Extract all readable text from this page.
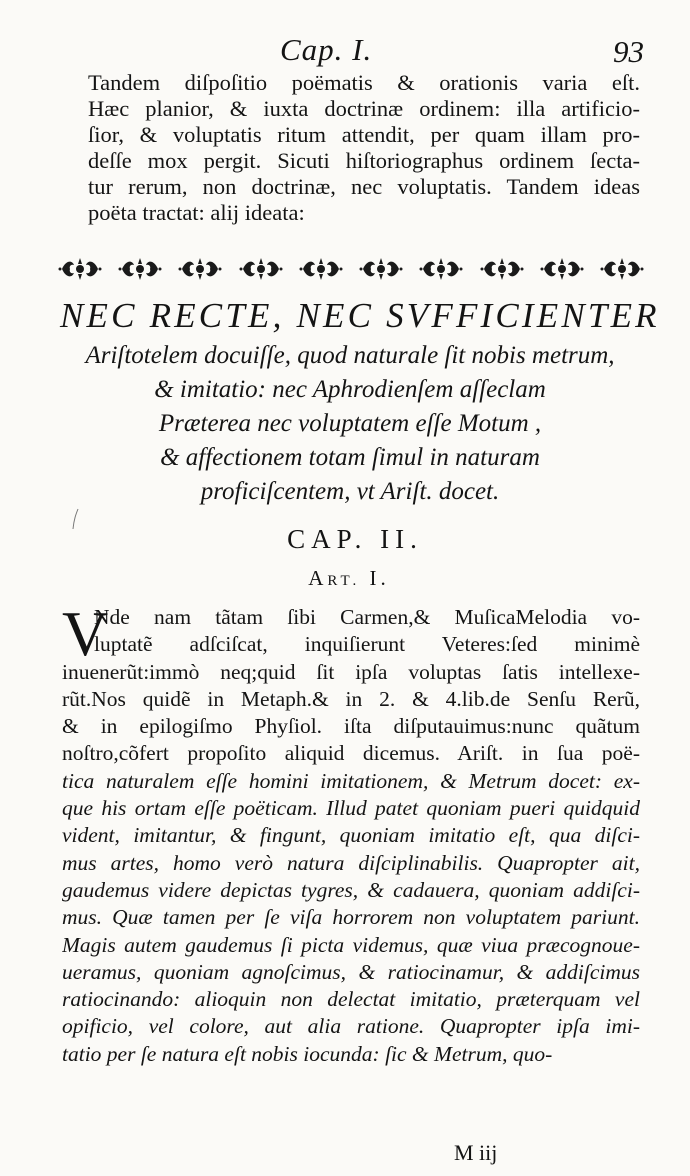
Cap. I.	93
Tandem diſpoſitio poëmatis & orationis varia eſt.
Hæc planior, & iuxta doctrinæ ordinem: illa artificio-
ſior, & voluptatis ritum attendit, per quam illam pro-
deſſe mox pergit. Sicuti hiſtoriographus ordinem ſecta-
tur rerum, non doctrinæ, nec voluptatis. Tandem ideas
poëta tractat: alij ideata:
NEC RECTE, NEC SVFFICIENTER
Ariſtotelem docuiſſe, quod naturale ſit nobis metrum,
& imitatio: nec Aphrodienſem aſſeclam
Præterea nec voluptatem eſſe Motum ,
& affectionem totam ſimul in naturam
proficiſcentem, vt Ariſt. docet.
CAP. II.
ART. I.
V
Nde nam tãtam ſibi Carmen,& MuſicaMelodia vo-
luptatẽ adſciſcat, inquiſierunt Veteres:ſed minimè
inuenerũt:immò neq;quid ſit ipſa voluptas ſatis intellexe-
rũt.Nos quidẽ in Metaph.& in 2. & 4.lib.de Senſu Rerũ,
& in epilogiſmo Phyſiol. iſta diſputauimus:nunc quãtum
noſtro,cõfert propoſito aliquid dicemus. Ariſt. in ſua poë-
tica naturalem eſſe homini imitationem, & Metrum docet: ex-
que his ortam eſſe poëticam. Illud patet quoniam pueri quidquid
vident, imitantur, & fingunt, quoniam imitatio eſt, qua diſci-
mus artes, homo verò natura diſciplinabilis. Quapropter ait,
gaudemus videre depictas tygres, & cadauera, quoniam addiſci-
mus. Quæ tamen per ſe viſa horrorem non voluptatem pariunt.
Magis autem gaudemus ſi picta videmus, quæ viua præcognoue-
ueramus, quoniam agnoſcimus, & ratiocinamur, & addiſcimus
ratiocinando: alioquin non delectat imitatio, præterquam vel
opificio, vel colore, aut alia ratione. Quapropter ipſa imi-
tatio per ſe natura eſt nobis iocunda: ſic & Metrum, quo-
M iij
